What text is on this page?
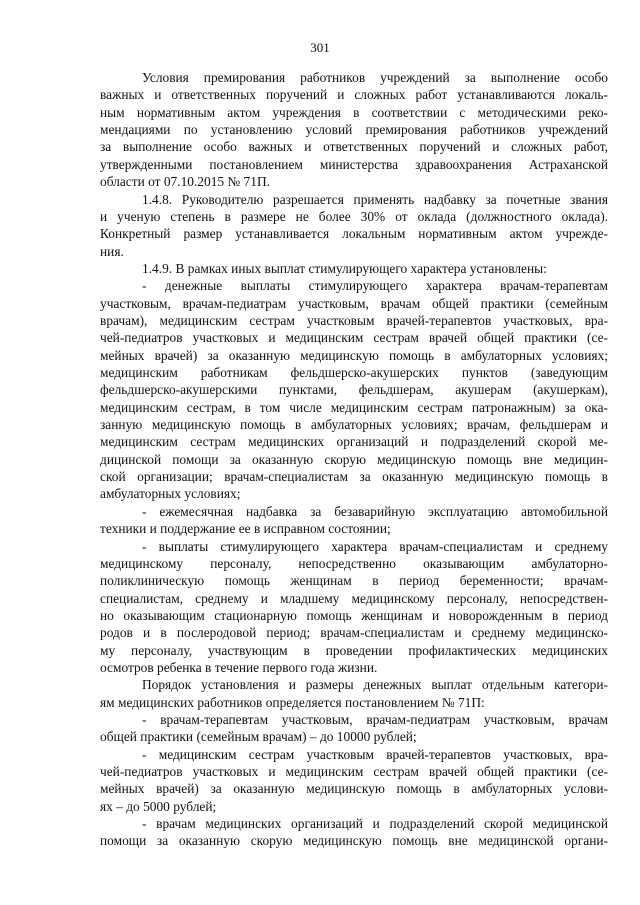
301
Условия премирования работников учреждений за выполнение особо
важных и ответственных поручений и сложных работ устанавливаются локаль-
ным нормативным актом учреждения в соответствии с методическими реко-
мендациями по установлению условий премирования работников учреждений
за выполнение особо важных и ответственных поручений и сложных работ,
утвержденными постановлением министерства здравоохранения Астраханской
области от 07.10.2015 № 71П.
1.4.8. Руководителю разрешается применять надбавку за почетные звания
и ученую степень в размере не более 30% от оклада (должностного оклада).
Конкретный размер устанавливается локальным нормативным актом учрежде-
ния.
1.4.9. В рамках иных выплат стимулирующего характера установлены:
- денежные выплаты стимулирующего характера врачам-терапевтам
участковым, врачам-педиатрам участковым, врачам общей практики (семейным
врачам), медицинским сестрам участковым врачей-терапевтов участковых, вра-
чей-педиатров участковых и медицинским сестрам врачей общей практики (се-
мейных врачей) за оказанную медицинскую помощь в амбулаторных условиях;
медицинским работникам фельдшерско-акушерских пунктов (заведующим
фельдшерско-акушерскими пунктами, фельдшерам, акушерам (акушеркам),
медицинским сестрам, в том числе медицинским сестрам патронажным) за ока-
занную медицинскую помощь в амбулаторных условиях; врачам, фельдшерам и
медицинским сестрам медицинских организаций и подразделений скорой ме-
дицинской помощи за оказанную скорую медицинскую помощь вне медицин-
ской организации; врачам-специалистам за оказанную медицинскую помощь в
амбулаторных условиях;
- ежемесячная надбавка за безаварийную эксплуатацию автомобильной
техники и поддержание ее в исправном состоянии;
- выплаты стимулирующего характера врачам-специалистам и среднему
медицинскому персоналу, непосредственно оказывающим амбулаторно-
поликлиническую помощь женщинам в период беременности; врачам-
специалистам, среднему и младшему медицинскому персоналу, непосредствен-
но оказывающим стационарную помощь женщинам и новорожденным в период
родов и в послеродовой период; врачам-специалистам и среднему медицинско-
му персоналу, участвующим в проведении профилактических медицинских
осмотров ребенка в течение первого года жизни.
Порядок установления и размеры денежных выплат отдельным категори-
ям медицинских работников определяется постановлением № 71П:
- врачам-терапевтам участковым, врачам-педиатрам участковым, врачам
общей практики (семейным врачам) – до 10000 рублей;
- медицинским сестрам участковым врачей-терапевтов участковых, вра-
чей-педиатров участковых и медицинским сестрам врачей общей практики (се-
мейных врачей) за оказанную медицинскую помощь в амбулаторных услови-
ях – до 5000 рублей;
- врачам медицинских организаций и подразделений скорой медицинской
помощи за оказанную скорую медицинскую помощь вне медицинской органи-
